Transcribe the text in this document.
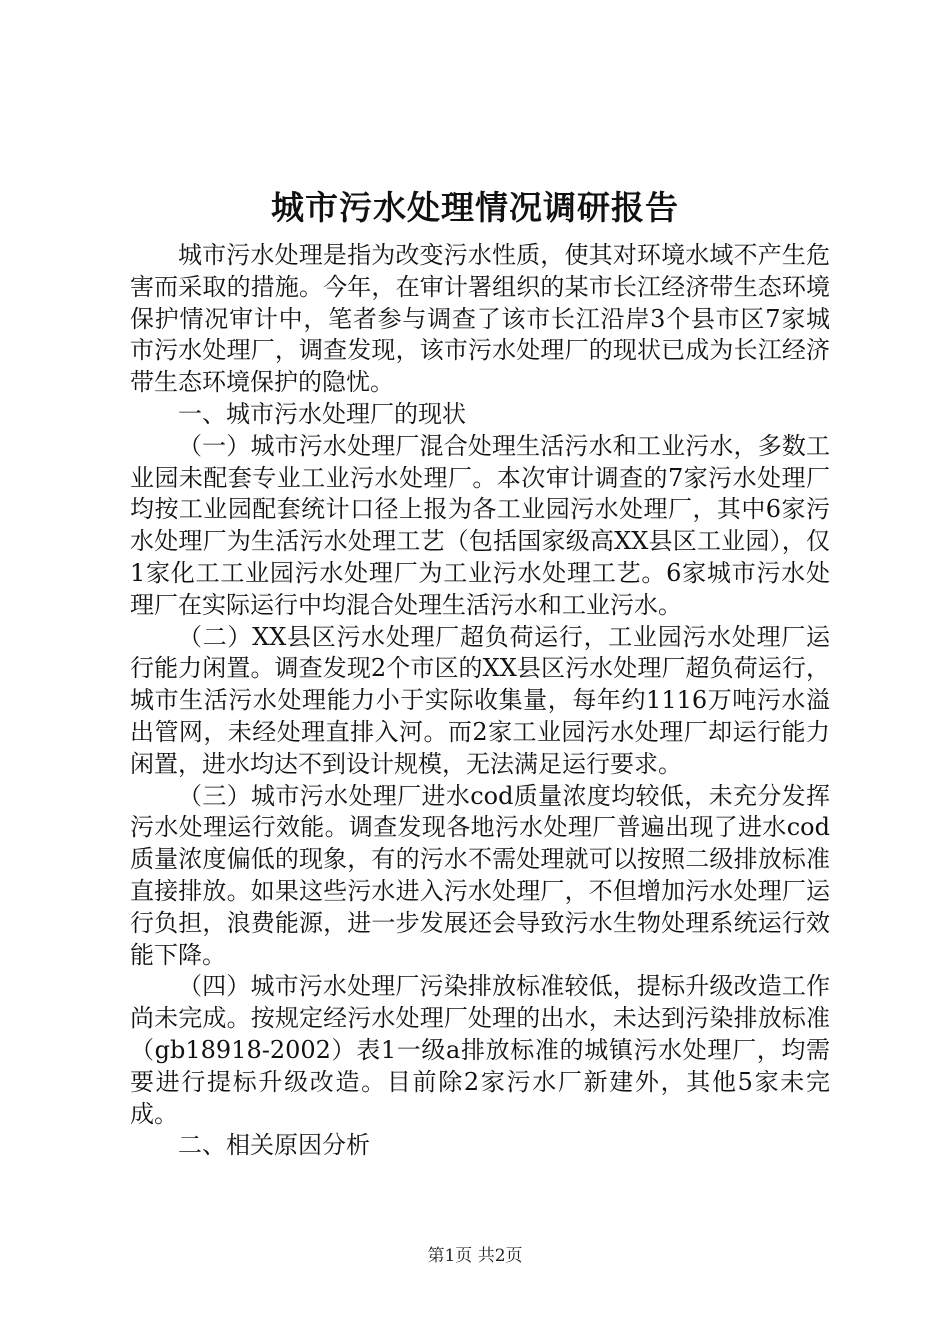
城市污水处理情况调研报告

城市污水处理是指为改变污水性质，使其对环境水域不产生危害而采取的措施。今年，在审计署组织的某市长江经济带生态环境保护情况审计中，笔者参与调查了该市长江沿岸3个县市区7家城市污水处理厂，调查发现，该市污水处理厂的现状已成为长江经济带生态环境保护的隐忧。

一、城市污水处理厂的现状

（一）城市污水处理厂混合处理生活污水和工业污水，多数工业园未配套专业工业污水处理厂。本次审计调查的7家污水处理厂均按工业园配套统计口径上报为各工业园污水处理厂，其中6家污水处理厂为生活污水处理工艺（包括国家级高XX县区工业园），仅1家化工工业园污水处理厂为工业污水处理工艺。6家城市污水处理厂在实际运行中均混合处理生活污水和工业污水。

（二）XX县区污水处理厂超负荷运行，工业园污水处理厂运行能力闲置。调查发现2个市区的XX县区污水处理厂超负荷运行，城市生活污水处理能力小于实际收集量，每年约1116万吨污水溢出管网，未经处理直排入河。而2家工业园污水处理厂却运行能力闲置，进水均达不到设计规模，无法满足运行要求。

（三）城市污水处理厂进水cod质量浓度均较低，未充分发挥污水处理运行效能。调查发现各地污水处理厂普遍出现了进水cod质量浓度偏低的现象，有的污水不需处理就可以按照二级排放标准直接排放。如果这些污水进入污水处理厂，不但增加污水处理厂运行负担，浪费能源，进一步发展还会导致污水生物处理系统运行效能下降。

（四）城市污水处理厂污染排放标准较低，提标升级改造工作尚未完成。按规定经污水处理厂处理的出水，未达到污染排放标准（gb18918-2002）表1一级a排放标准的城镇污水处理厂，均需要进行提标升级改造。目前除2家污水厂新建外，其他5家未完成。

二、相关原因分析

第1页 共2页
